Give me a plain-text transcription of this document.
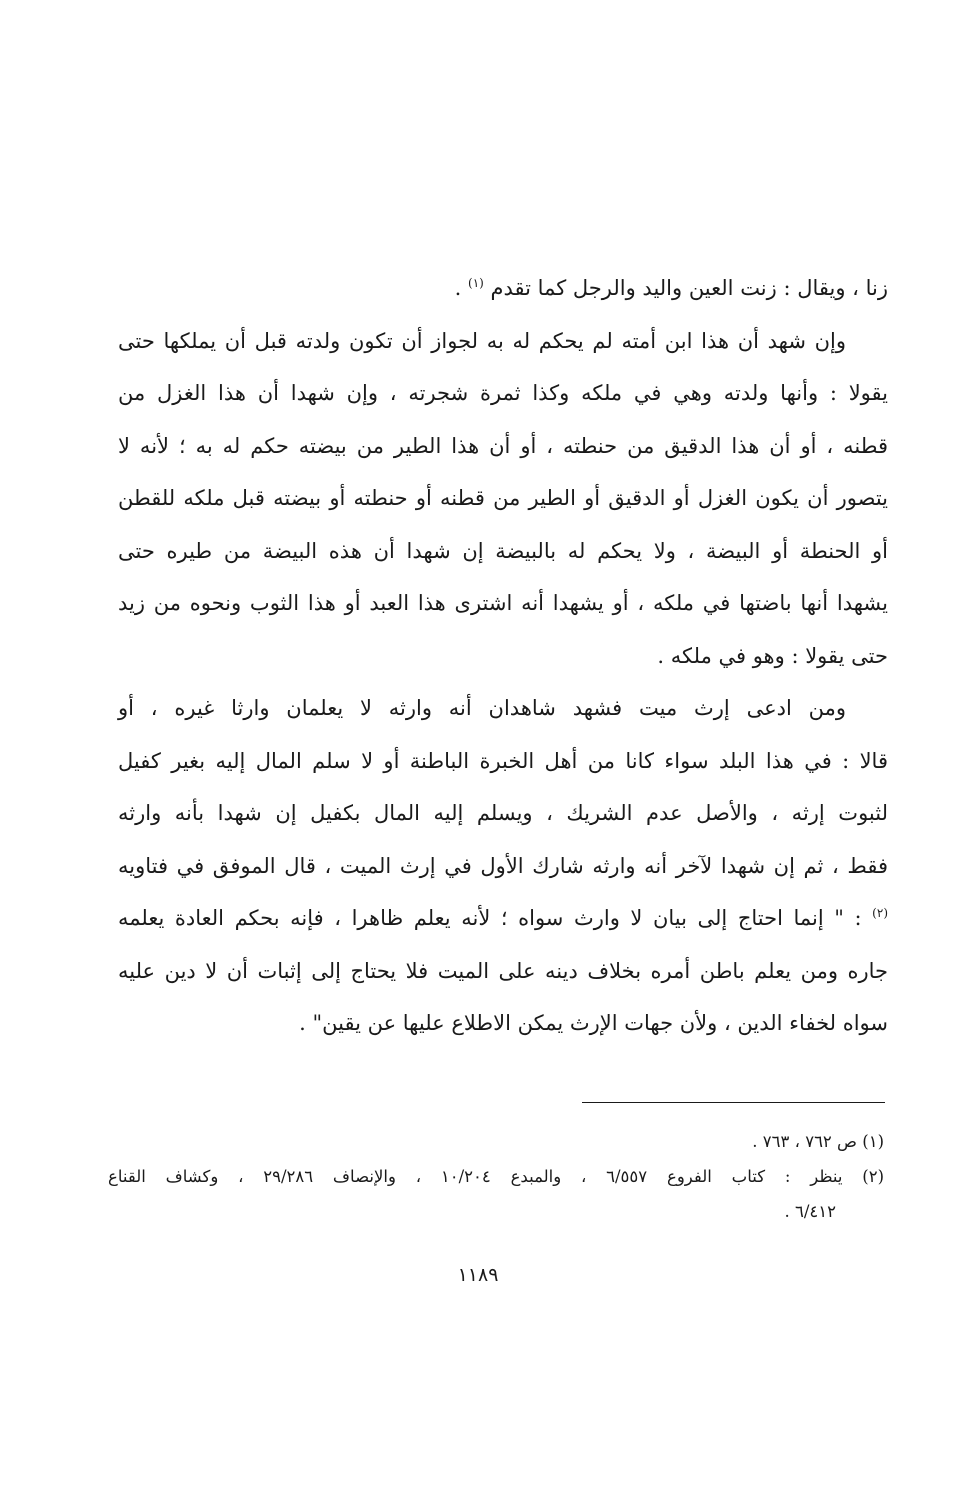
زنا ، ويقال : زنت العين واليد والرجل كما تقدم $^{(١)}$ .
وإن شهد أن هذا ابن أمته لم يحكم له به لجواز أن تكون ولدته قبل أن يملكها حتى
يقولا : وأنها ولدته وهي في ملكه وكذا ثمرة شجرته ، وإن شهدا أن هذا الغزل من
قطنه ، أو أن هذا الدقيق من حنطته ، أو أن هذا الطير من بيضته حكم له به ؛ لأنه لا
يتصور أن يكون الغزل أو الدقيق أو الطير من قطنه أو حنطته أو بيضته قبل ملكه للقطن
أو الحنطة أو البيضة ، ولا يحكم له بالبيضة إن شهدا أن هذه البيضة من طيره حتى
يشهدا أنها باضتها في ملكه ، أو يشهدا أنه اشترى هذا العبد أو هذا الثوب ونحوه من زيد
حتى يقولا : وهو في ملكه .
ومن ادعى إرث ميت فشهد شاهدان أنه وارثه لا يعلمان وارثا غيره ، أو
قالا : في هذا البلد سواء كانا من أهل الخبرة الباطنة أو لا سلم المال إليه بغير كفيل
لثبوت إرثه ، والأصل عدم الشريك ، ويسلم إليه المال بكفيل إن شهدا بأنه وارثه
فقط ، ثم إن شهدا لآخر أنه وارثه شارك الأول في إرث الميت ، قال الموفق في فتاويه
$^{(٢)}$ : " إنما احتاج إلى بيان لا وارث سواه ؛ لأنه يعلم ظاهرا ، فإنه بحكم العادة يعلمه
جاره ومن يعلم باطن أمره بخلاف دينه على الميت فلا يحتاج إلى إثبات أن لا دين عليه
سواه لخفاء الدين ، ولأن جهات الإرث يمكن الاطلاع عليها عن يقين" .
(١) ص ٧٦٢ ، ٧٦٣ .
(٢) ينظر : كتاب الفروع ٦/٥٥٧ ، والمبدع ١٠/٢٠٤ ، والإنصاف ٢٩/٢٨٦ ، وكشاف القناع
٦/٤١٢ .
١١٨٩
